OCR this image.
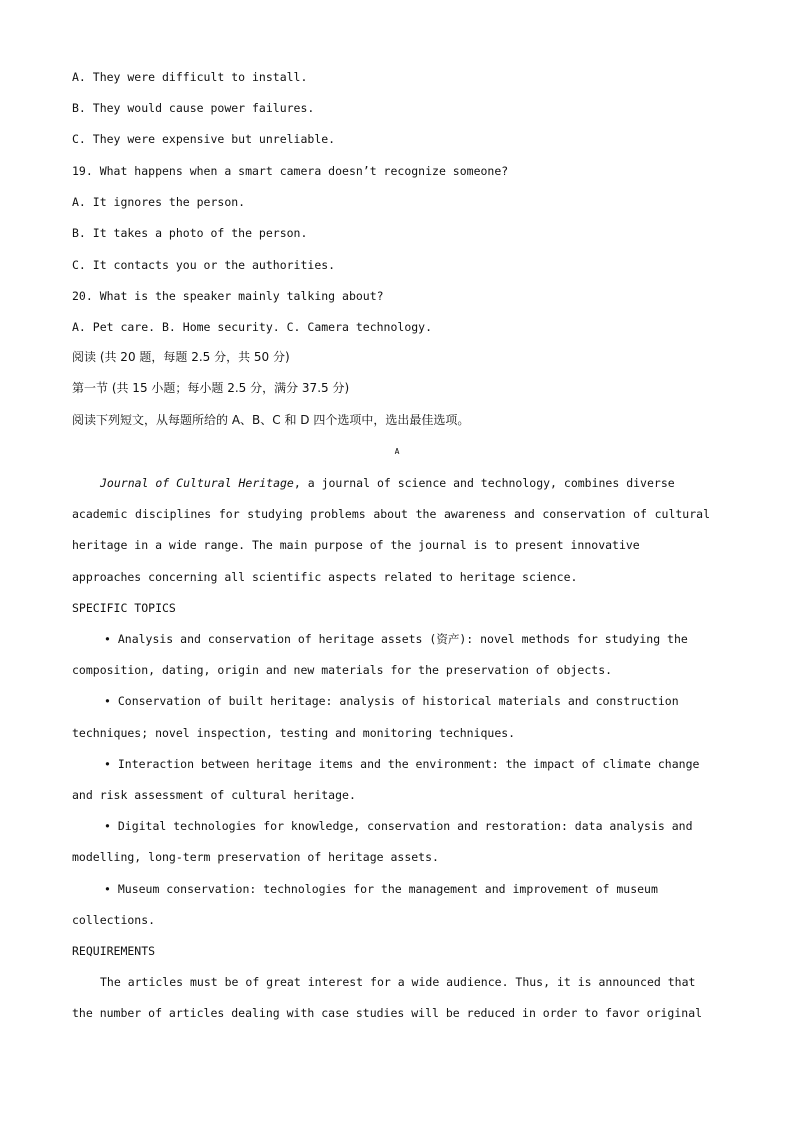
A. They were difficult to install.
B. They would cause power failures.
C. They were expensive but unreliable.
19. What happens when a smart camera doesn’t recognize someone?
A. It ignores the person.
B. It takes a photo of the person.
C. It contacts you or the authorities.
20. What is the speaker mainly talking about?
A. Pet care. B. Home security. C. Camera technology.
阅读 (共 20 题，每题 2.5 分，共 50 分)
第一节 (共 15 小题；每小题 2.5 分，满分 37.5 分)
阅读下列短文，从每题所给的 A、B、C 和 D 四个选项中，选出最佳选项。
A
Journal of Cultural Heritage, a journal of science and technology, combines diverse
academic disciplines for studying problems about the awareness and conservation of cultural
heritage in a wide range. The main purpose of the journal is to present innovative
approaches concerning all scientific aspects related to heritage science.
SPECIFIC TOPICS
• Analysis and conservation of heritage assets (资产): novel methods for studying the
composition, dating, origin and new materials for the preservation of objects.
• Conservation of built heritage: analysis of historical materials and construction
techniques; novel inspection, testing and monitoring techniques.
• Interaction between heritage items and the environment: the impact of climate change
and risk assessment of cultural heritage.
• Digital technologies for knowledge, conservation and restoration: data analysis and
modelling, long-term preservation of heritage assets.
• Museum conservation: technologies for the management and improvement of museum
collections.
REQUIREMENTS
The articles must be of great interest for a wide audience. Thus, it is announced that
the number of articles dealing with case studies will be reduced in order to favor original
